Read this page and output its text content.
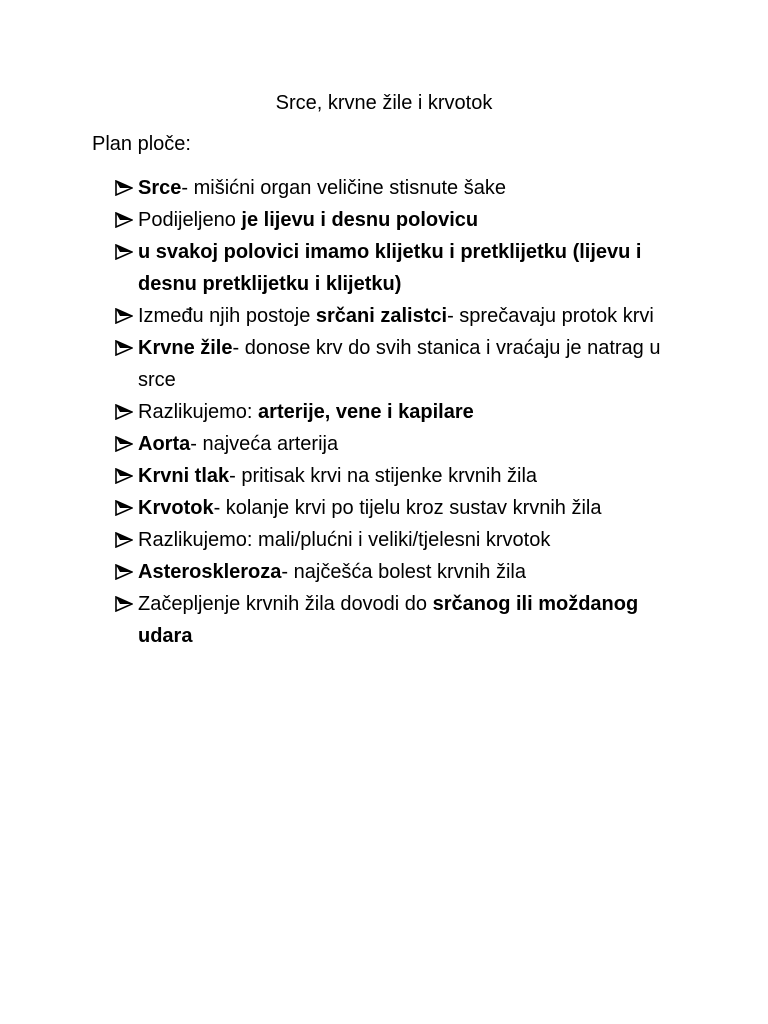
Srce, krvne žile i krvotok
Plan ploče:
Srce- mišićni organ veličine stisnute šake
Podijeljeno je lijevu i desnu polovicu
u svakoj polovici imamo klijetku i pretklijetku (lijevu i desnu pretklijetku i klijetku)
Između njih postoje srčani zalistci- sprečavaju protok krvi
Krvne žile- donose krv do svih stanica i vraćaju je natrag u srce
Razlikujemo: arterije, vene i kapilare
Aorta- najveća arterija
Krvni tlak- pritisak krvi na stijenke krvnih žila
Krvotok- kolanje krvi po tijelu kroz sustav krvnih žila
Razlikujemo: mali/plućni i veliki/tjelesni krvotok
Asteroskleroza- najčešća bolest krvnih žila
Začepljenje krvnih žila dovodi do srčanog ili moždanog udara
